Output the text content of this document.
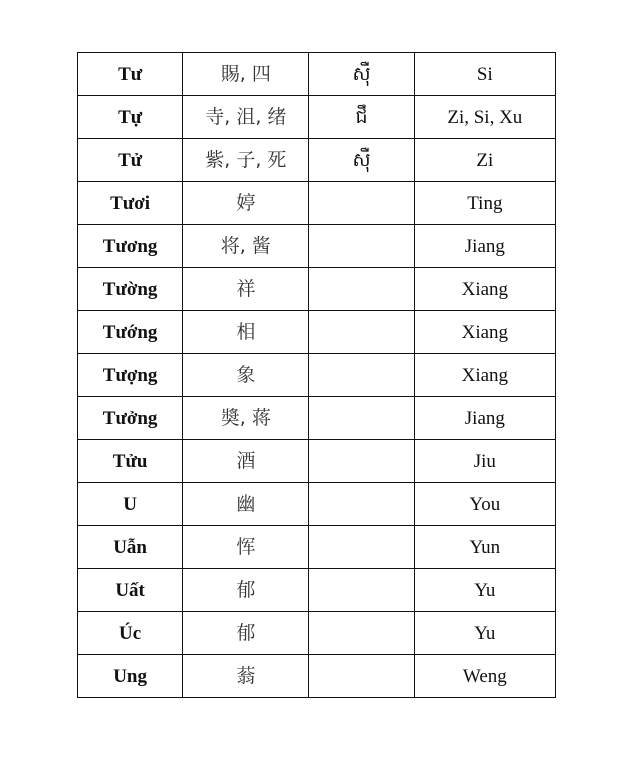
Tư	賜, 四	ស៊ឺ	Si
Tự	寺, 沮, 绪	ជឹ	Zi, Si, Xu
Tử	紫, 子, 死	ស៊ឺ	Zi
Tươi	婷		Ting
Tương	将, 酱		Jiang
Tường	祥		Xiang
Tướng	相		Xiang
Tượng	象		Xiang
Tưởng	奬, 蒋		Jiang
Tửu	酒		Jiu
U	幽		You
Uẫn	恽		Yun
Uất	郁		Yu
Úc	郁		Yu
Ung	蓊		Weng
